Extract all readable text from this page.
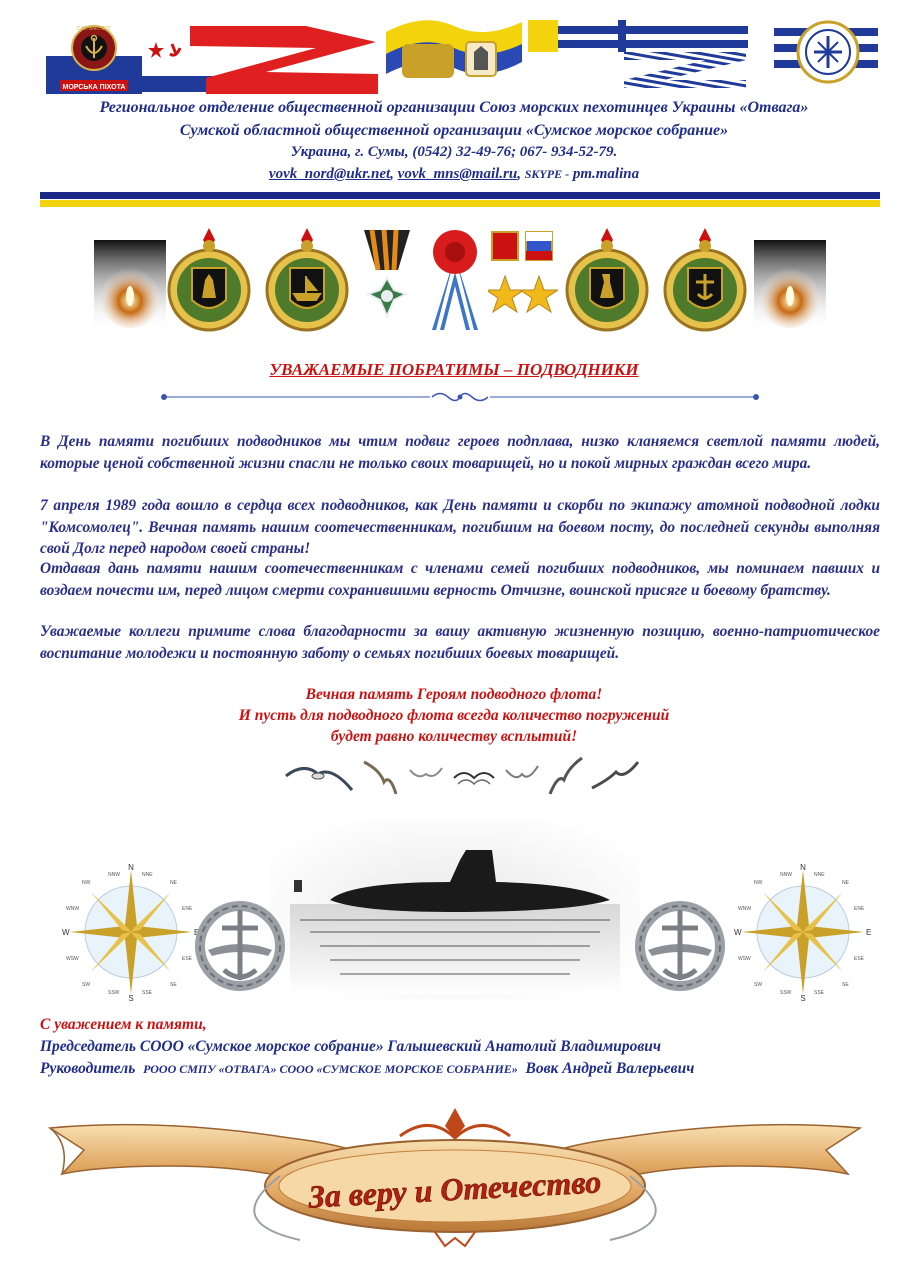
МОРСЬКА ПІХОТА
СИЛ ВМС ЗСУ
Региональное отделение общественной организации Союз морских пехотинцев Украины «Отвага»
Сумской областной общественной организации «Сумское морское собрание»
Украина, г. Сумы, (0542) 32-49-76; 067- 934-52-79.
vovk_nord@ukr.net, vovk_mns@mail.ru, SKYPE - pm.malina
УВАЖАЕМЫЕ ПОБРАТИМЫ – ПОДВОДНИКИ

В День памяти погибших подводников мы чтим подвиг героев подплава, низко кланяемся светлой памяти людей, которые ценой собственной жизни спасли не только своих товарищей, но и покой мирных граждан всего мира.

7 апреля 1989 года вошло в сердца всех подводников, как День памяти и скорби по экипажу атомной подводной лодки "Комсомолец". Вечная память нашим соотечественникам, погибшим на боевом посту, до последней секунды выполняя свой Долг перед народом своей страны!

Отдавая дань памяти нашим соотечественникам с членами семей погибших подводников, мы поминаем павших и воздаем почести им, перед лицом смерти сохранившими верность Отчизне, воинской присяге и боевому братству.

Уважаемые коллеги примите слова благодарности за вашу активную жизненную позицию, военно-патриотическое воспитание молодежи и постоянную заботу о семьях погибших боевых товарищей.

Вечная память Героям подводного флота!
И пусть для подводного флота всегда количество погружений
будет равно количеству всплытий!
N
S
W	E
NW	NE
SW	SE
NNW	NNE
WNW	ENE
WSW	ESE
SSW	SSE
N
S
W	E
NW	NE
SW	SE
NNW	NNE
WNW	ENE
WSW	ESE
SSW	SSE
С уважением к памяти,
Председатель СООО «Сумское морское собрание» Галышевский Анатолий Владимирович
Руководитель РООО СМПУ «ОТВАГА» СООО «СУМСКОЕ МОРСКОЕ СОБРАНИЕ» Вовк Андрей Валерьевич
За веру и Отечество
